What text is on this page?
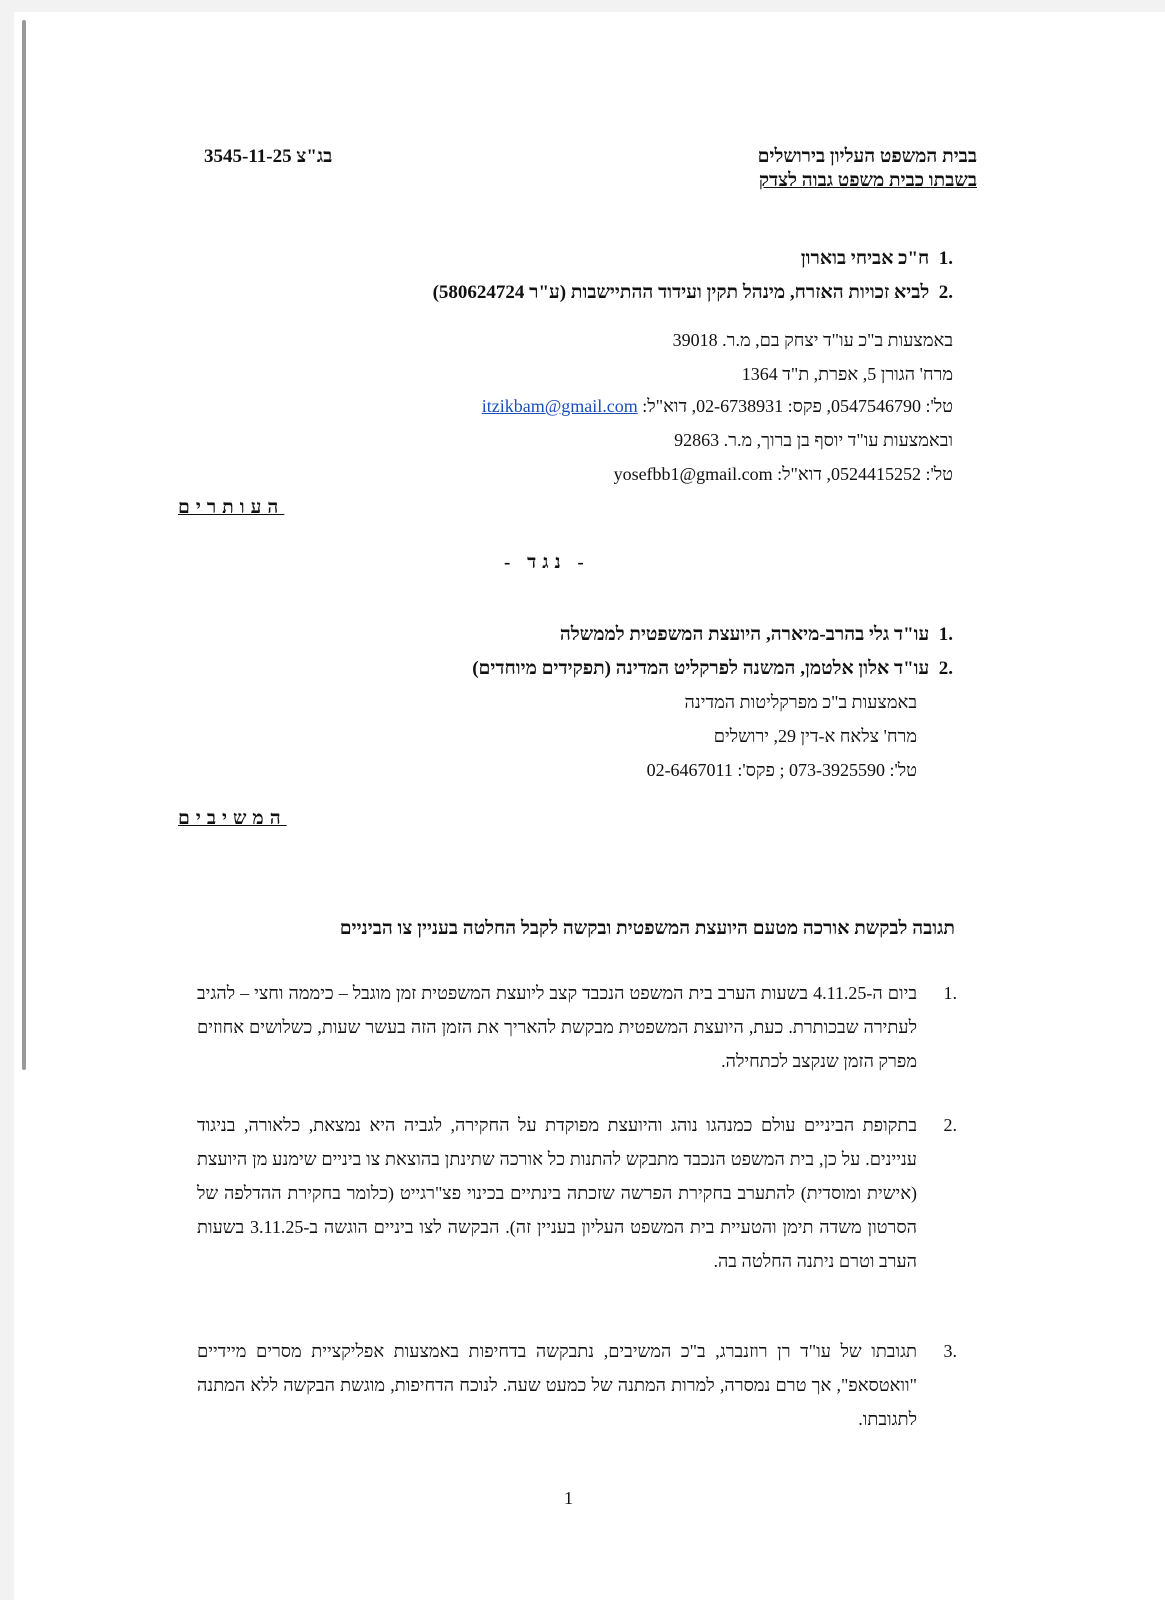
בבית המשפט העליון בירושלים
בשבתו כבית משפט גבוה לצדק
בג"צ 3545-11-25
.1  ח"כ אביחי בוארון
.2  לביא זכויות האזרח, מינהל תקין ועידוד ההתיישבות (ע"ר 580624724)
באמצעות ב"כ עו"ד יצחק בם, מ.ר. 39018
מרח' הגורן 5, אפרת, ת"ד 1364
טל': 0547546790, פקס: 02-6738931, דוא"ל: itzikbam@gmail.com
ובאמצעות עו"ד יוסף בן ברוך, מ.ר. 92863
טל': 0524415252, דוא"ל: yosefbb1@gmail.com
העותרים
- נגד -
.1  עו"ד גלי בהרב-מיארה, היועצת המשפטית לממשלה
.2  עו"ד אלון אלטמן, המשנה לפרקליט המדינה (תפקידים מיוחדים)
באמצעות ב"כ מפרקליטות המדינה
מרח' צלאח א-דין 29, ירושלים
טל': 073-3925590 ; פקס': 02-6467011
המשיבים
תגובה לבקשת אורכה מטעם היועצת המשפטית ובקשה לקבל החלטה בעניין צו הביניים
.1
ביום ה-4.11.25 בשעות הערב בית המשפט הנכבד קצב ליועצת המשפטית זמן מוגבל – כיממה וחצי – להגיב לעתירה שבכותרת. כעת, היועצת המשפטית מבקשת להאריך את הזמן הזה בעשר שעות, כשלושים אחוזים מפרק הזמן שנקצב לכתחילה.
.2
בתקופת הביניים עולם כמנהגו נוהג והיועצת מפוקדת על החקירה, לגביה היא נמצאת, כלאורה, בניגוד עניינים. על כן, בית המשפט הנכבד מתבקש להתנות כל אורכה שתינתן בהוצאת צו ביניים שימנע מן היועצת (אישית ומוסדית) להתערב בחקירת הפרשה שזכתה בינתיים בכינוי פצ"רגייט (כלומר בחקירת ההדלפה של הסרטון משדה תימן והטעיית בית המשפט העליון בעניין זה). הבקשה לצו ביניים הוגשה ב-3.11.25 בשעות הערב וטרם ניתנה החלטה בה.
.3
תגובתו של עו"ד רן רוזנברג, ב"כ המשיבים, נתבקשה בדחיפות באמצעות אפליקציית מסרים מיידיים "וואטסאפ", אך טרם נמסרה, למרות המתנה של כמעט שעה. לנוכח הדחיפות, מוגשת הבקשה ללא המתנה לתגובתו.
1
